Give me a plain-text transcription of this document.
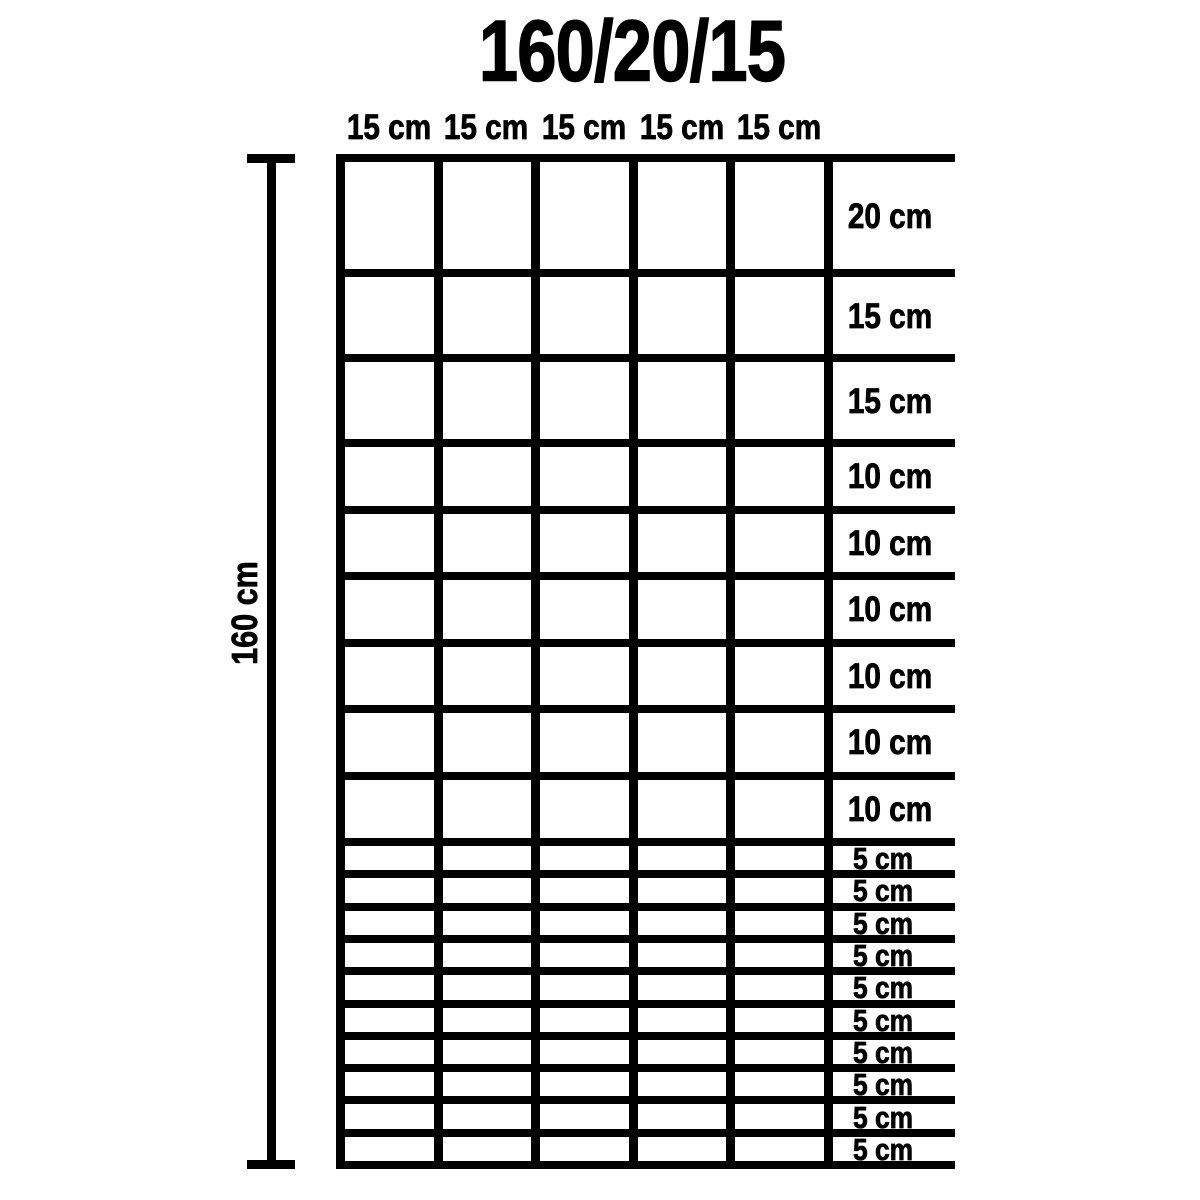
160/20/15
15 cm 15 cm 15 cm 15 cm 15 cm
20 cm
15 cm
15 cm
10 cm
10 cm
10 cm
10 cm
10 cm
10 cm
5 cm
5 cm
5 cm
5 cm
5 cm
5 cm
5 cm
5 cm
5 cm
5 cm
160 cm
